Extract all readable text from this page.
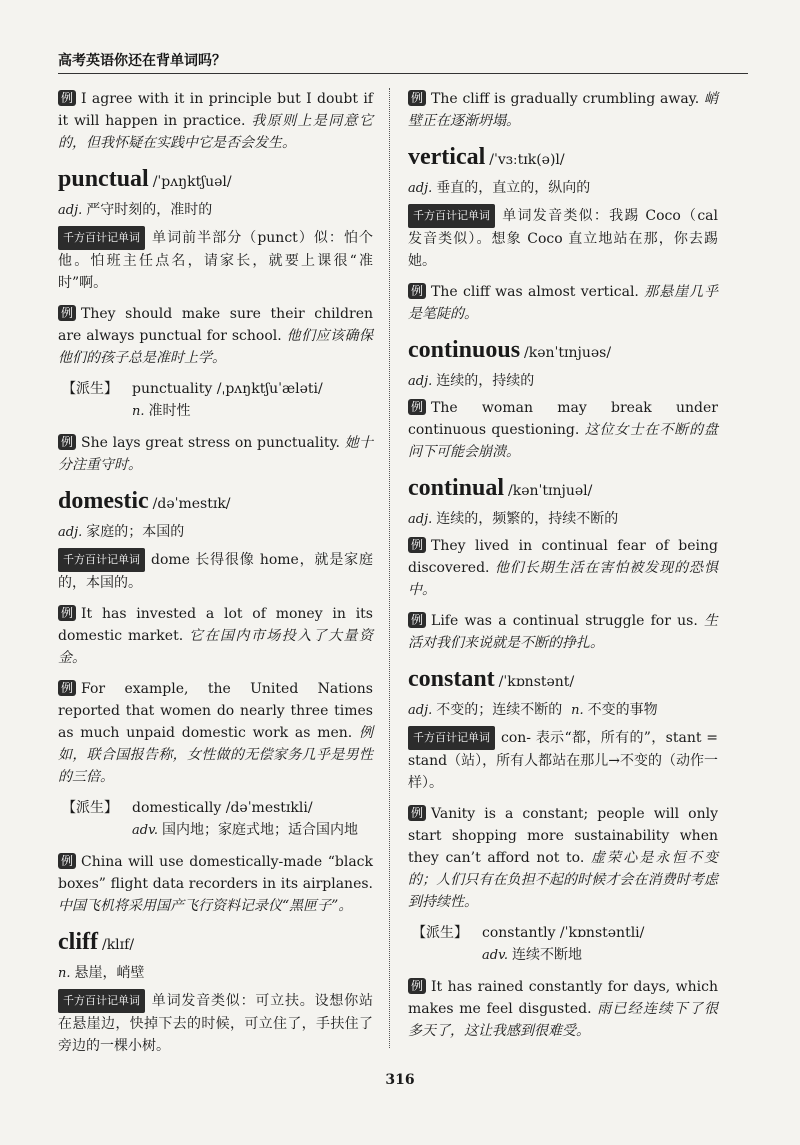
高考英语你还在背单词吗？

例 I agree with it in principle but I doubt if it will happen in practice. 我原则上是同意它的，但我怀疑在实践中它是否会发生。

punctual /ˈpʌŋktʃuəl/
adj. 严守时刻的，准时的

千方百计记单词 单词前半部分（punct）似：怕个他。怕班主任点名，请家长，就要上课很“准时”啊。

例 They should make sure their children are always punctual for school. 他们应该确保他们的孩子总是准时上学。

【派生】	punctuality /ˌpʌŋktʃuˈæləti/
n. 准时性

例 She lays great stress on punctuality. 她十分注重守时。

domestic /dəˈmestɪk/
adj. 家庭的；本国的

千方百计记单词 dome 长得很像 home，就是家庭的，本国的。

例 It has invested a lot of money in its domestic market. 它在国内市场投入了大量资金。

例 For example, the United Nations reported that women do nearly three times as much unpaid domestic work as men. 例如，联合国报告称，女性做的无偿家务几乎是男性的三倍。

【派生】	domestically /dəˈmestɪkli/
adv. 国内地；家庭式地；适合国内地

例 China will use domestically-made “black boxes” flight data recorders in its airplanes. 中国飞机将采用国产飞行资料记录仪“黑匣子”。

cliff /klɪf/
n. 悬崖，峭壁

千方百计记单词 单词发音类似：可立扶。设想你站在悬崖边，快掉下去的时候，可立住了，手扶住了旁边的一棵小树。

例 The cliff is gradually crumbling away. 峭壁正在逐渐坍塌。

vertical /ˈvɜːtɪk(ə)l/
adj. 垂直的，直立的，纵向的

千方百计记单词 单词发音类似：我踢 Coco（cal 发音类似）。想象 Coco 直立地站在那，你去踢她。

例 The cliff was almost vertical. 那悬崖几乎是笔陡的。

continuous /kənˈtɪnjuəs/
adj. 连续的，持续的

例 The woman may break under continuous questioning. 这位女士在不断的盘问下可能会崩溃。

continual /kənˈtɪnjuəl/
adj. 连续的，频繁的，持续不断的

例 They lived in continual fear of being discovered. 他们长期生活在害怕被发现的恐惧中。

例 Life was a continual struggle for us. 生活对我们来说就是不断的挣扎。

constant /ˈkɒnstənt/
adj. 不变的；连续不断的 n. 不变的事物

千方百计记单词 con- 表示“都，所有的”，stant = stand（站），所有人都站在那儿→不变的（动作一样）。

例 Vanity is a constant; people will only start shopping more sustainability when they can’t afford not to. 虚荣心是永恒不变的；人们只有在负担不起的时候才会在消费时考虑到持续性。

【派生】	constantly /ˈkɒnstəntli/
adv. 连续不断地

例 It has rained constantly for days, which makes me feel disgusted. 雨已经连续下了很多天了，这让我感到很难受。

316
